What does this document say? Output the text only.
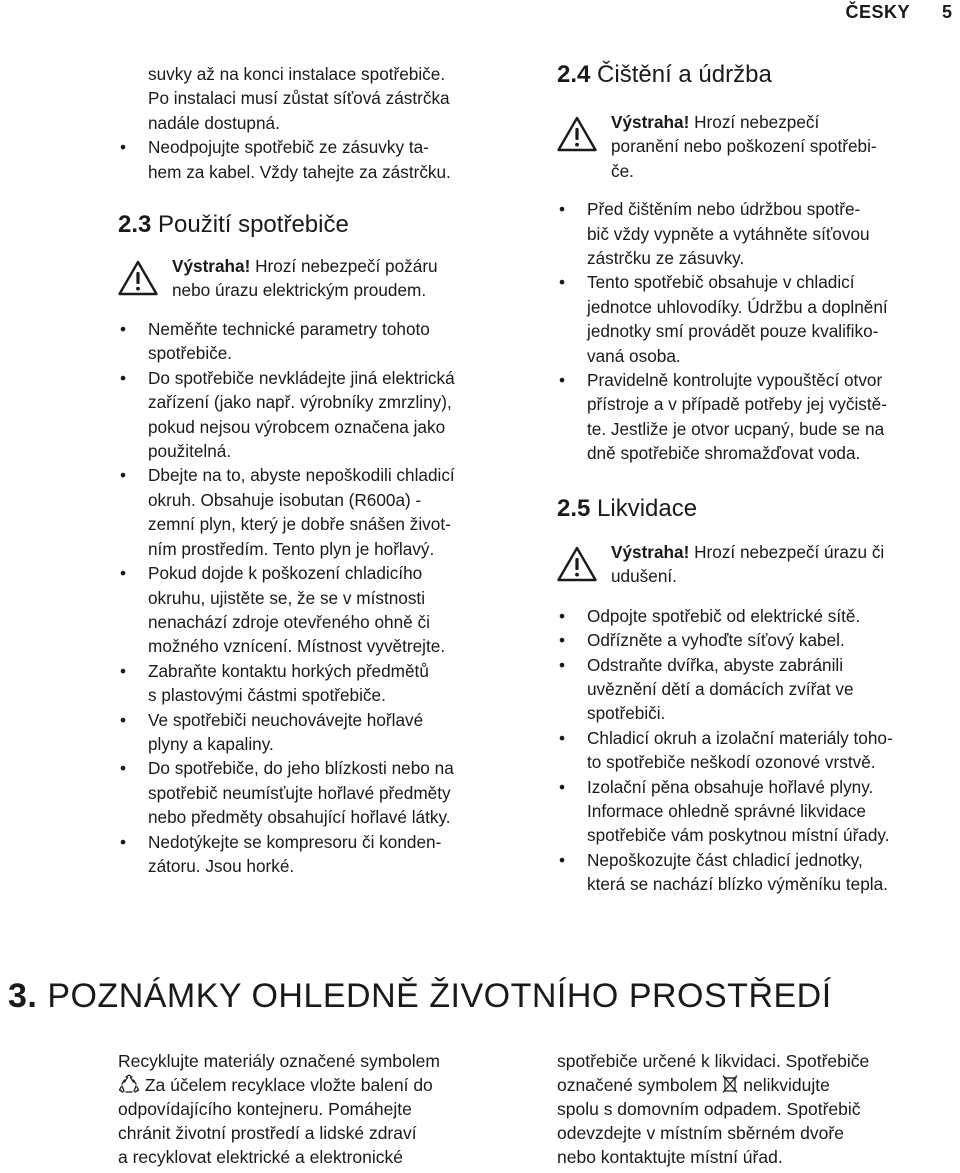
ČESKY 5
suvky až na konci instalace spotřebiče.
Po instalaci musí zůstat síťová zástrčka
nadále dostupná.
• Neodpojujte spotřebič ze zásuvky ta-
hem za kabel. Vždy tahejte za zástrčku.
2.3 Použití spotřebiče
Výstraha! Hrozí nebezpečí požáru
nebo úrazu elektrickým proudem.
• Neměňte technické parametry tohoto
spotřebiče.
• Do spotřebiče nevkládejte jiná elektrická
zařízení (jako např. výrobníky zmrzliny),
pokud nejsou výrobcem označena jako
použitelná.
• Dbejte na to, abyste nepoškodili chladicí
okruh. Obsahuje isobutan (R600a) -
zemní plyn, který je dobře snášen život-
ním prostředím. Tento plyn je hořlavý.
• Pokud dojde k poškození chladicího
okruhu, ujistěte se, že se v místnosti
nenachází zdroje otevřeného ohně či
možného vznícení. Místnost vyvětrejte.
• Zabraňte kontaktu horkých předmětů
s plastovými částmi spotřebiče.
• Ve spotřebiči neuchovávejte hořlavé
plyny a kapaliny.
• Do spotřebiče, do jeho blízkosti nebo na
spotřebič neumísťujte hořlavé předměty
nebo předměty obsahující hořlavé látky.
• Nedotýkejte se kompresoru či konden-
zátoru. Jsou horké.
2.4 Čištění a údržba
Výstraha! Hrozí nebezpečí
poranění nebo poškození spotřebi-
če.
• Před čištěním nebo údržbou spotře-
bič vždy vypněte a vytáhněte síťovou
zástrčku ze zásuvky.
• Tento spotřebič obsahuje v chladicí
jednotce uhlovodíky. Údržbu a doplnění
jednotky smí provádět pouze kvalifiko-
vaná osoba.
• Pravidelně kontrolujte vypouštěcí otvor
přístroje a v případě potřeby jej vyčistě-
te. Jestliže je otvor ucpaný, bude se na
dně spotřebiče shromažďovat voda.
2.5 Likvidace
Výstraha! Hrozí nebezpečí úrazu či
udušení.
• Odpojte spotřebič od elektrické sítě.
• Odřízněte a vyhoďte síťový kabel.
• Odstraňte dvířka, abyste zabránili
uvěznění dětí a domácích zvířat ve
spotřebiči.
• Chladicí okruh a izolační materiály toho-
to spotřebiče neškodí ozonové vrstvě.
• Izolační pěna obsahuje hořlavé plyny.
Informace ohledně správné likvidace
spotřebiče vám poskytnou místní úřady.
• Nepoškozujte část chladicí jednotky,
která se nachází blízko výměníku tepla.
3. POZNÁMKY OHLEDNĚ ŽIVOTNÍHO PROSTŘEDÍ

Recyklujte materiály označené symbolem

Za účelem recyklace vložte balení do

odpovídajícího kontejneru. Pomáhejte

chránit životní prostředí a lidské zdraví

a recyklovat elektrické a elektronické

spotřebiče určené k likvidaci. Spotřebiče

označené symbolem  nelikvidujte

spolu s domovním odpadem. Spotřebič

odevzdejte v místním sběrném dvoře

nebo kontaktujte místní úřad.
